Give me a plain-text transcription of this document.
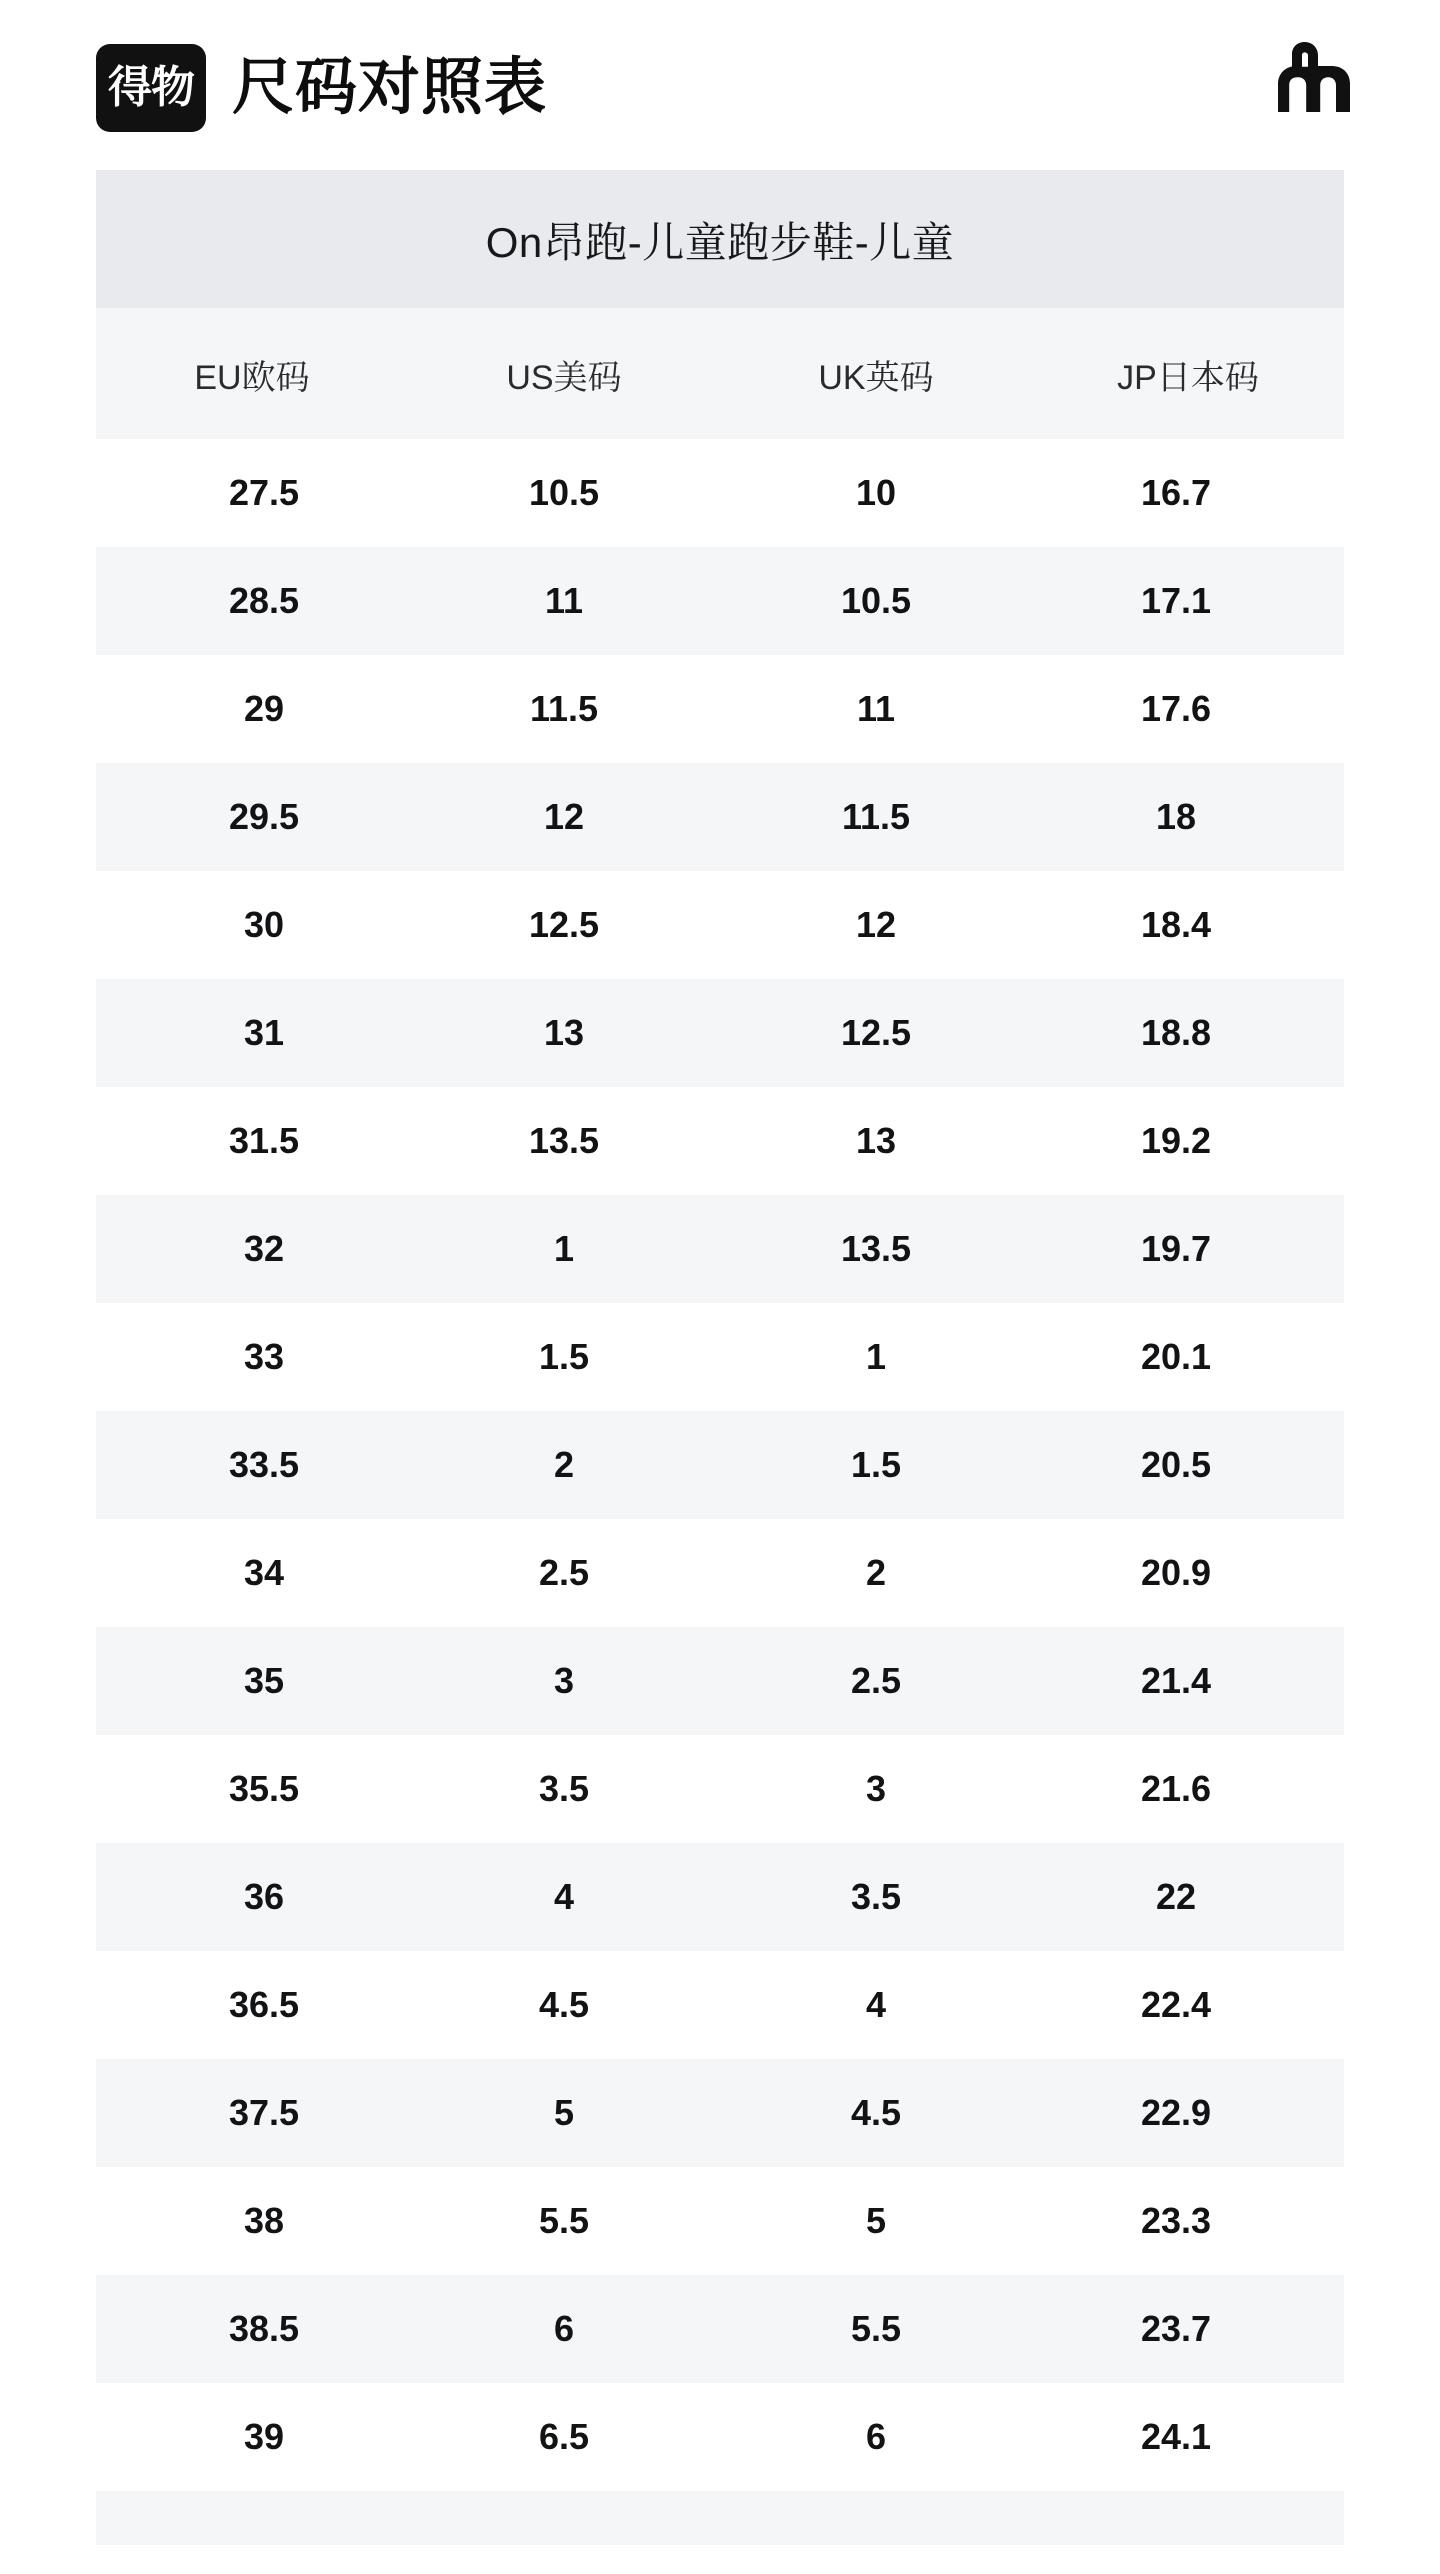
得物 尺码对照表
On昂跑-儿童跑步鞋-儿童
EU欧码	US美码	UK英码	JP日本码
27.5	10.5	10	16.7
28.5	11	10.5	17.1
29	11.5	11	17.6
29.5	12	11.5	18
30	12.5	12	18.4
31	13	12.5	18.8
31.5	13.5	13	19.2
32	1	13.5	19.7
33	1.5	1	20.1
33.5	2	1.5	20.5
34	2.5	2	20.9
35	3	2.5	21.4
35.5	3.5	3	21.6
36	4	3.5	22
36.5	4.5	4	22.4
37.5	5	4.5	22.9
38	5.5	5	23.3
38.5	6	5.5	23.7
39	6.5	6	24.1
